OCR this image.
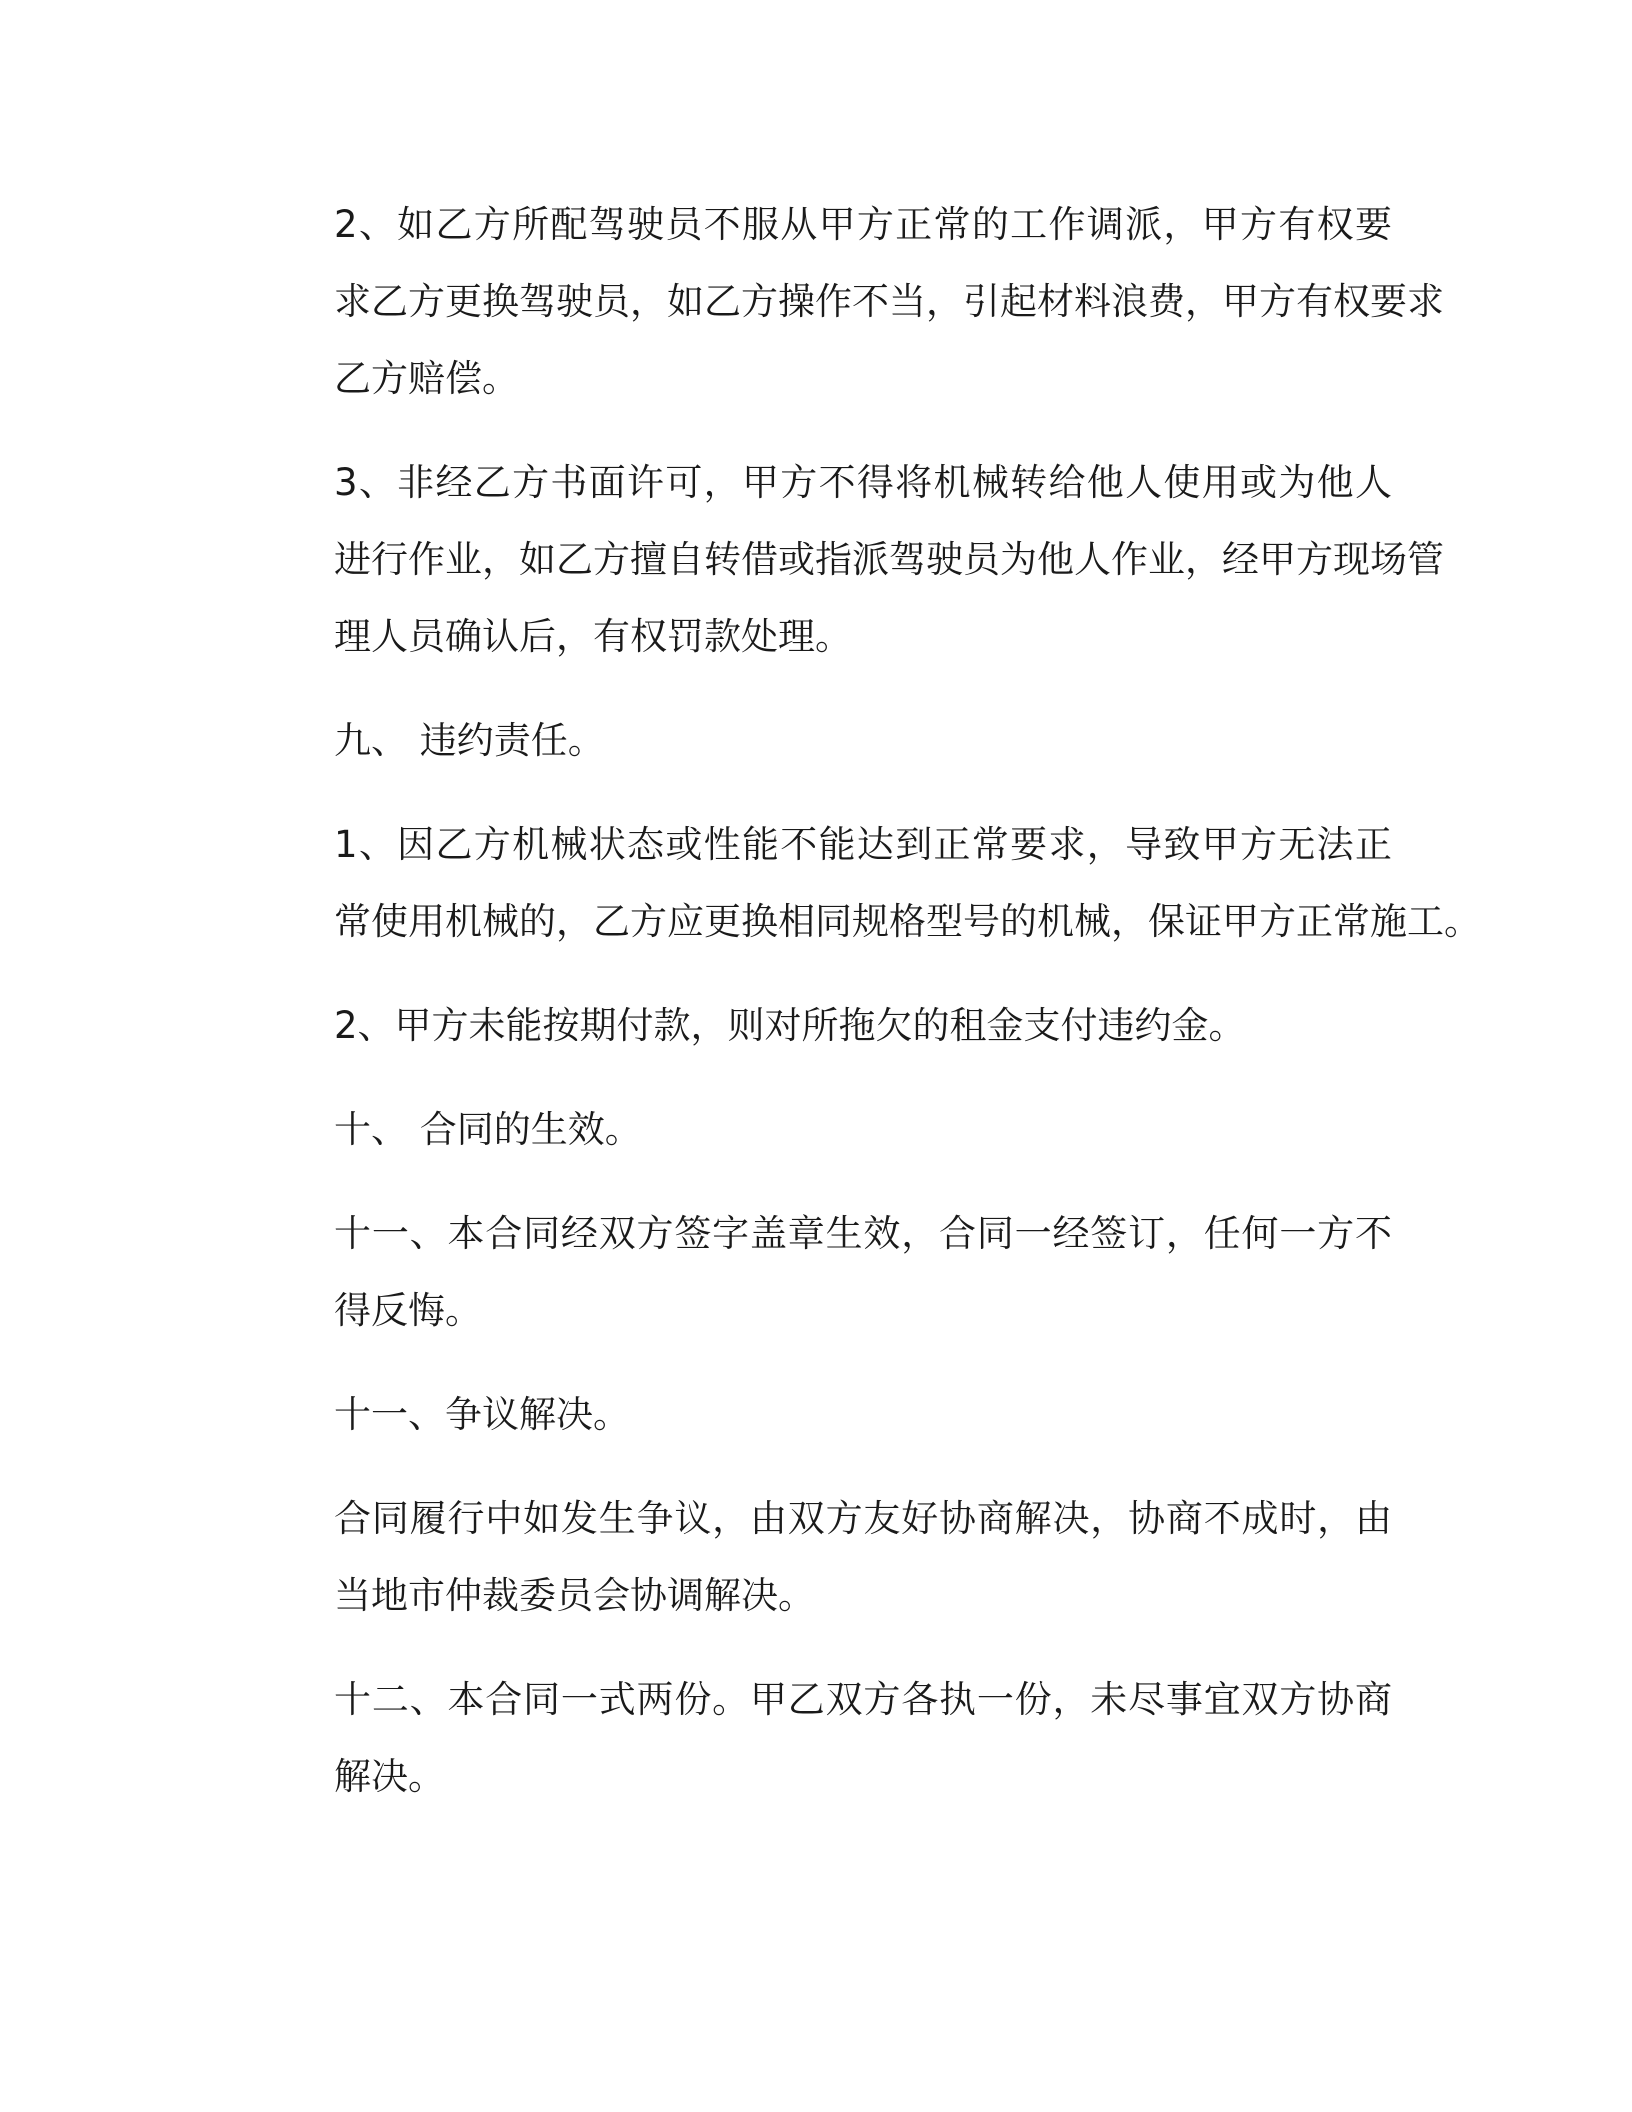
2、如乙方所配驾驶员不服从甲方正常的工作调派，甲方有权要
求乙方更换驾驶员，如乙方操作不当，引起材料浪费，甲方有权要求
乙方赔偿。

3、非经乙方书面许可，甲方不得将机械转给他人使用或为他人
进行作业，如乙方擅自转借或指派驾驶员为他人作业，经甲方现场管
理人员确认后，有权罚款处理。

九、 违约责任。

1、因乙方机械状态或性能不能达到正常要求，导致甲方无法正
常使用机械的，乙方应更换相同规格型号的机械，保证甲方正常施工。

2、甲方未能按期付款，则对所拖欠的租金支付违约金。

十、 合同的生效。

十一、本合同经双方签字盖章生效，合同一经签订，任何一方不
得反悔。

十一、争议解决。

合同履行中如发生争议，由双方友好协商解决，协商不成时，由
当地市仲裁委员会协调解决。

十二、本合同一式两份。甲乙双方各执一份，未尽事宜双方协商
解决。
